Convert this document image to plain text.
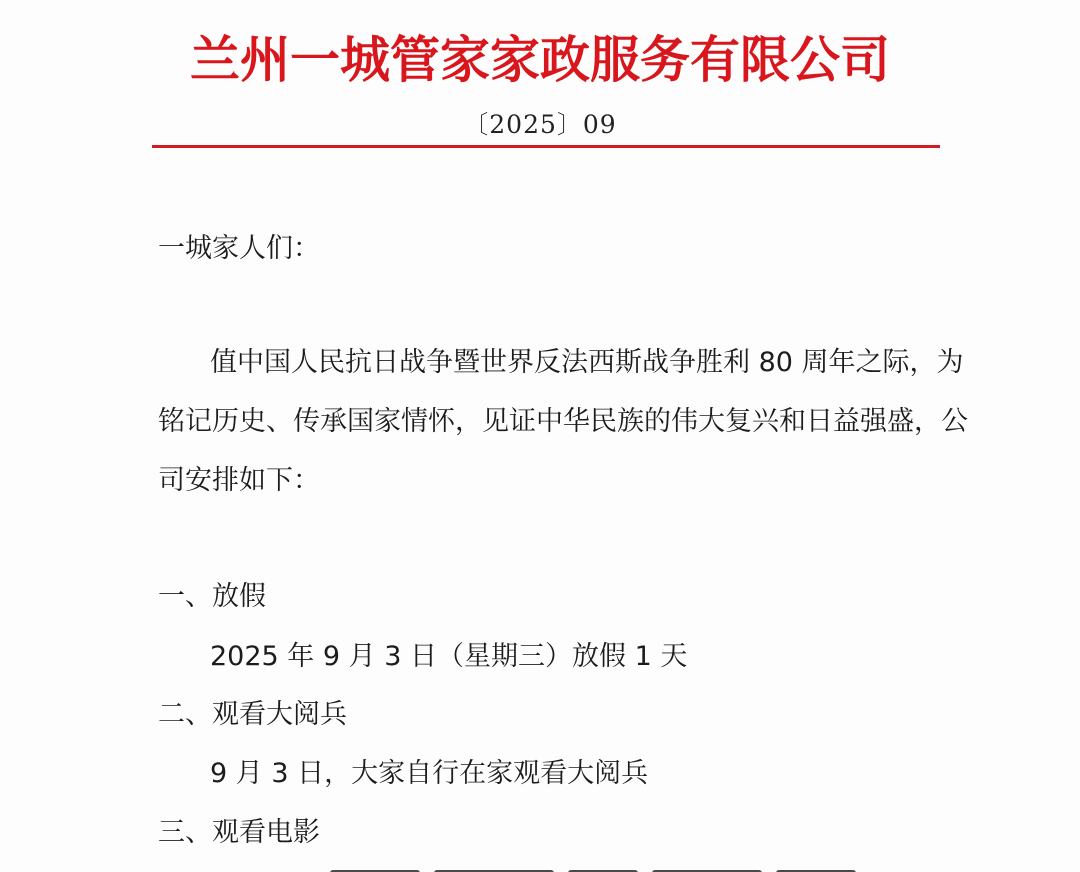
兰州一城管家家政服务有限公司
〔2025〕09
一城家人们：
值中国人民抗日战争暨世界反法西斯战争胜利 80 周年之际，为
铭记历史、传承国家情怀，见证中华民族的伟大复兴和日益强盛，公
司安排如下：
一、放假
2025 年 9 月 3 日（星期三）放假 1 天
二、观看大阅兵
9 月 3 日，大家自行在家观看大阅兵
三、观看电影
